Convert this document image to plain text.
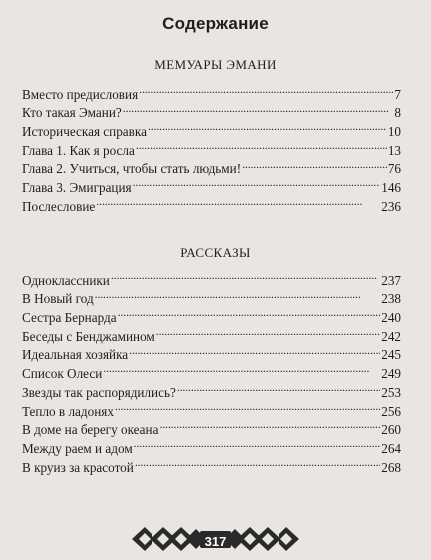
Содержание
МЕМУАРЫ ЭМАНИ
Вместо предисловия . . .	7
Кто такая Эмани? . . .	8
Историческая справка . . .	10
Глава 1. Как я росла . . .	13
Глава 2. Учиться, чтобы стать людьми! . . .	76
Глава 3. Эмиграция . . .	146
Послесловие . . .	236
РАССКАЗЫ
Одноклассники . . .	237
В Новый год . . .	238
Сестра Бернарда . . .	240
Беседы с Бенджамином . . .	242
Идеальная хозяйка . . .	245
Список Олеси . . .	249
Звезды так распорядились? . . .	253
Тепло в ладонях . . .	256
В доме на берегу океана . . .	260
Между раем и адом . . .	264
В круиз за красотой . . .	268
317
